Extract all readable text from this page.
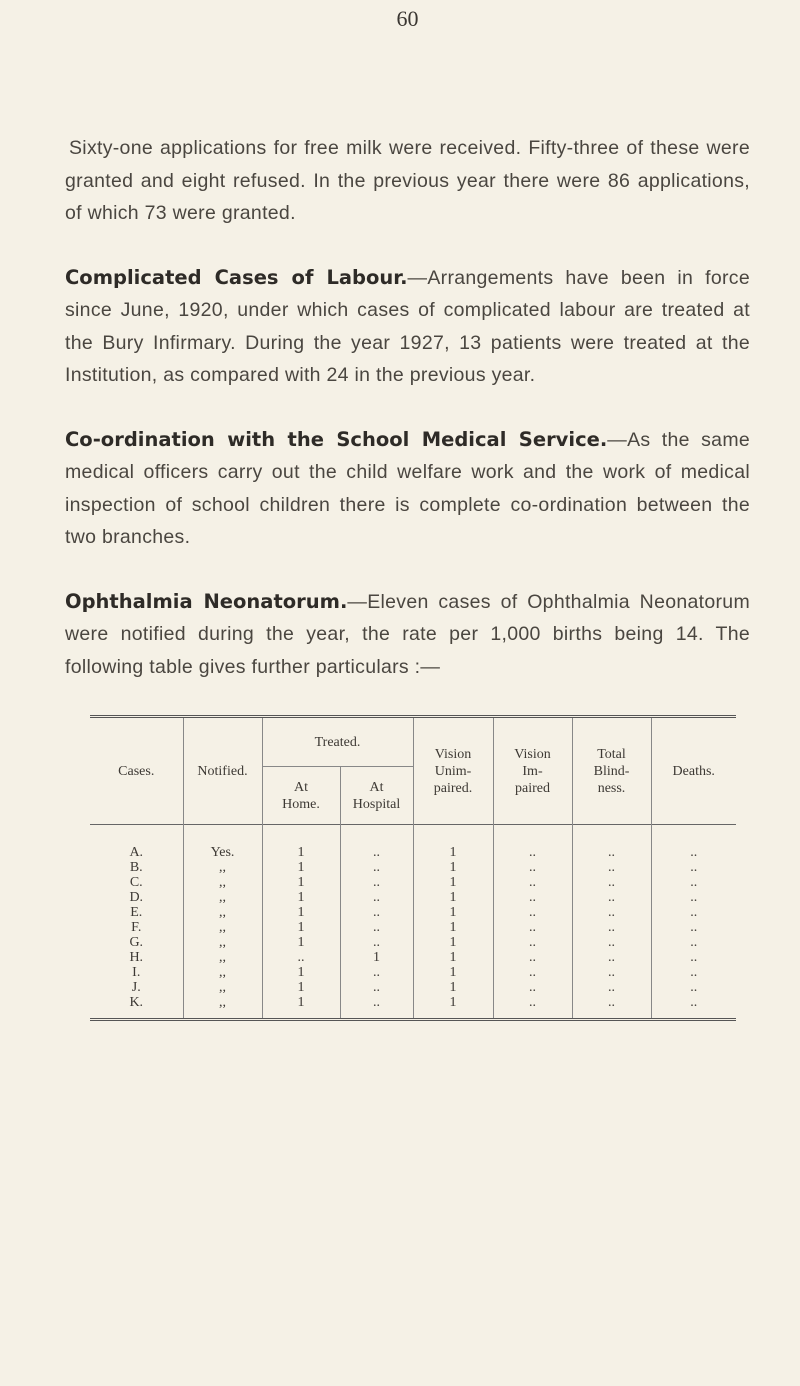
60

Sixty-one applications for free milk were received. Fifty-three of these were granted and eight refused. In the previous year there were 86 applications, of which 73 were granted.

Complicated Cases of Labour.—Arrangements have been in force since June, 1920, under which cases of complicated labour are treated at the Bury Infirmary. During the year 1927, 13 patients were treated at the Institution, as compared with 24 in the previous year.

Co-ordination with the School Medical Service.—As the same medical officers carry out the child welfare work and the work of medical inspection of school children there is complete co-ordination between the two branches.

Ophthalmia Neonatorum.—Eleven cases of Ophthalmia Neonatorum were notified during the year, the rate per 1,000 births being 14. The following table gives further particulars :—

Cases.	Notified.	Treated.		Vision Unim-paired.	Vision Im-paired	Total Blind-ness.	Deaths.
		At Home.	At Hospital				

A.	Yes.	1	..	1	..	..	..
B.	,,	1	..	1	..	..	..
C.	,,	1	..	1	..	..	..
D.	,,	1	..	1	..	..	..
E.	,,	1	..	1	..	..	..
F.	,,	1	..	1	..	..	..
G.	,,	1	..	1	..	..	..
H.	,,	..	1	1	..	..	..
I.	,,	1	..	1	..	..	..
J.	,,	1	..	1	..	..	..
K.	,,	1	..	1	..	..	..
